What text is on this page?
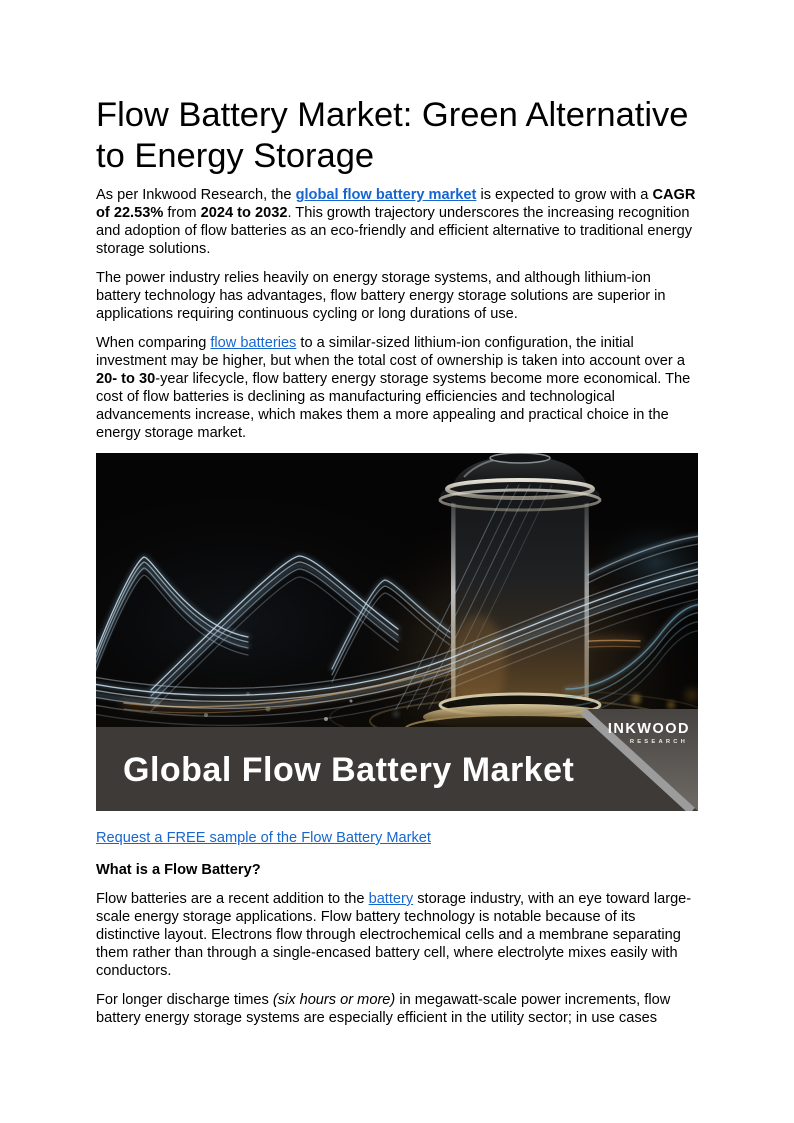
Flow Battery Market: Green Alternative to Energy Storage

As per Inkwood Research, the global flow battery market is expected to grow with a CAGR of 22.53% from 2024 to 2032. This growth trajectory underscores the increasing recognition and adoption of flow batteries as an eco-friendly and efficient alternative to traditional energy storage solutions.

The power industry relies heavily on energy storage systems, and although lithium-ion battery technology has advantages, flow battery energy storage solutions are superior in applications requiring continuous cycling or long durations of use.

When comparing flow batteries to a similar-sized lithium-ion configuration, the initial investment may be higher, but when the total cost of ownership is taken into account over a 20- to 30-year lifecycle, flow battery energy storage systems become more economical. The cost of flow batteries is declining as manufacturing efficiencies and technological advancements increase, which makes them a more appealing and practical choice in the energy storage market.

Global Flow Battery Market
INKWOOD
RESEARCH

Request a FREE sample of the Flow Battery Market

What is a Flow Battery?

Flow batteries are a recent addition to the battery storage industry, with an eye toward large-scale energy storage applications. Flow battery technology is notable because of its distinctive layout. Electrons flow through electrochemical cells and a membrane separating them rather than through a single-encased battery cell, where electrolyte mixes easily with conductors.

For longer discharge times (six hours or more) in megawatt-scale power increments, flow battery energy storage systems are especially efficient in the utility sector; in use cases
